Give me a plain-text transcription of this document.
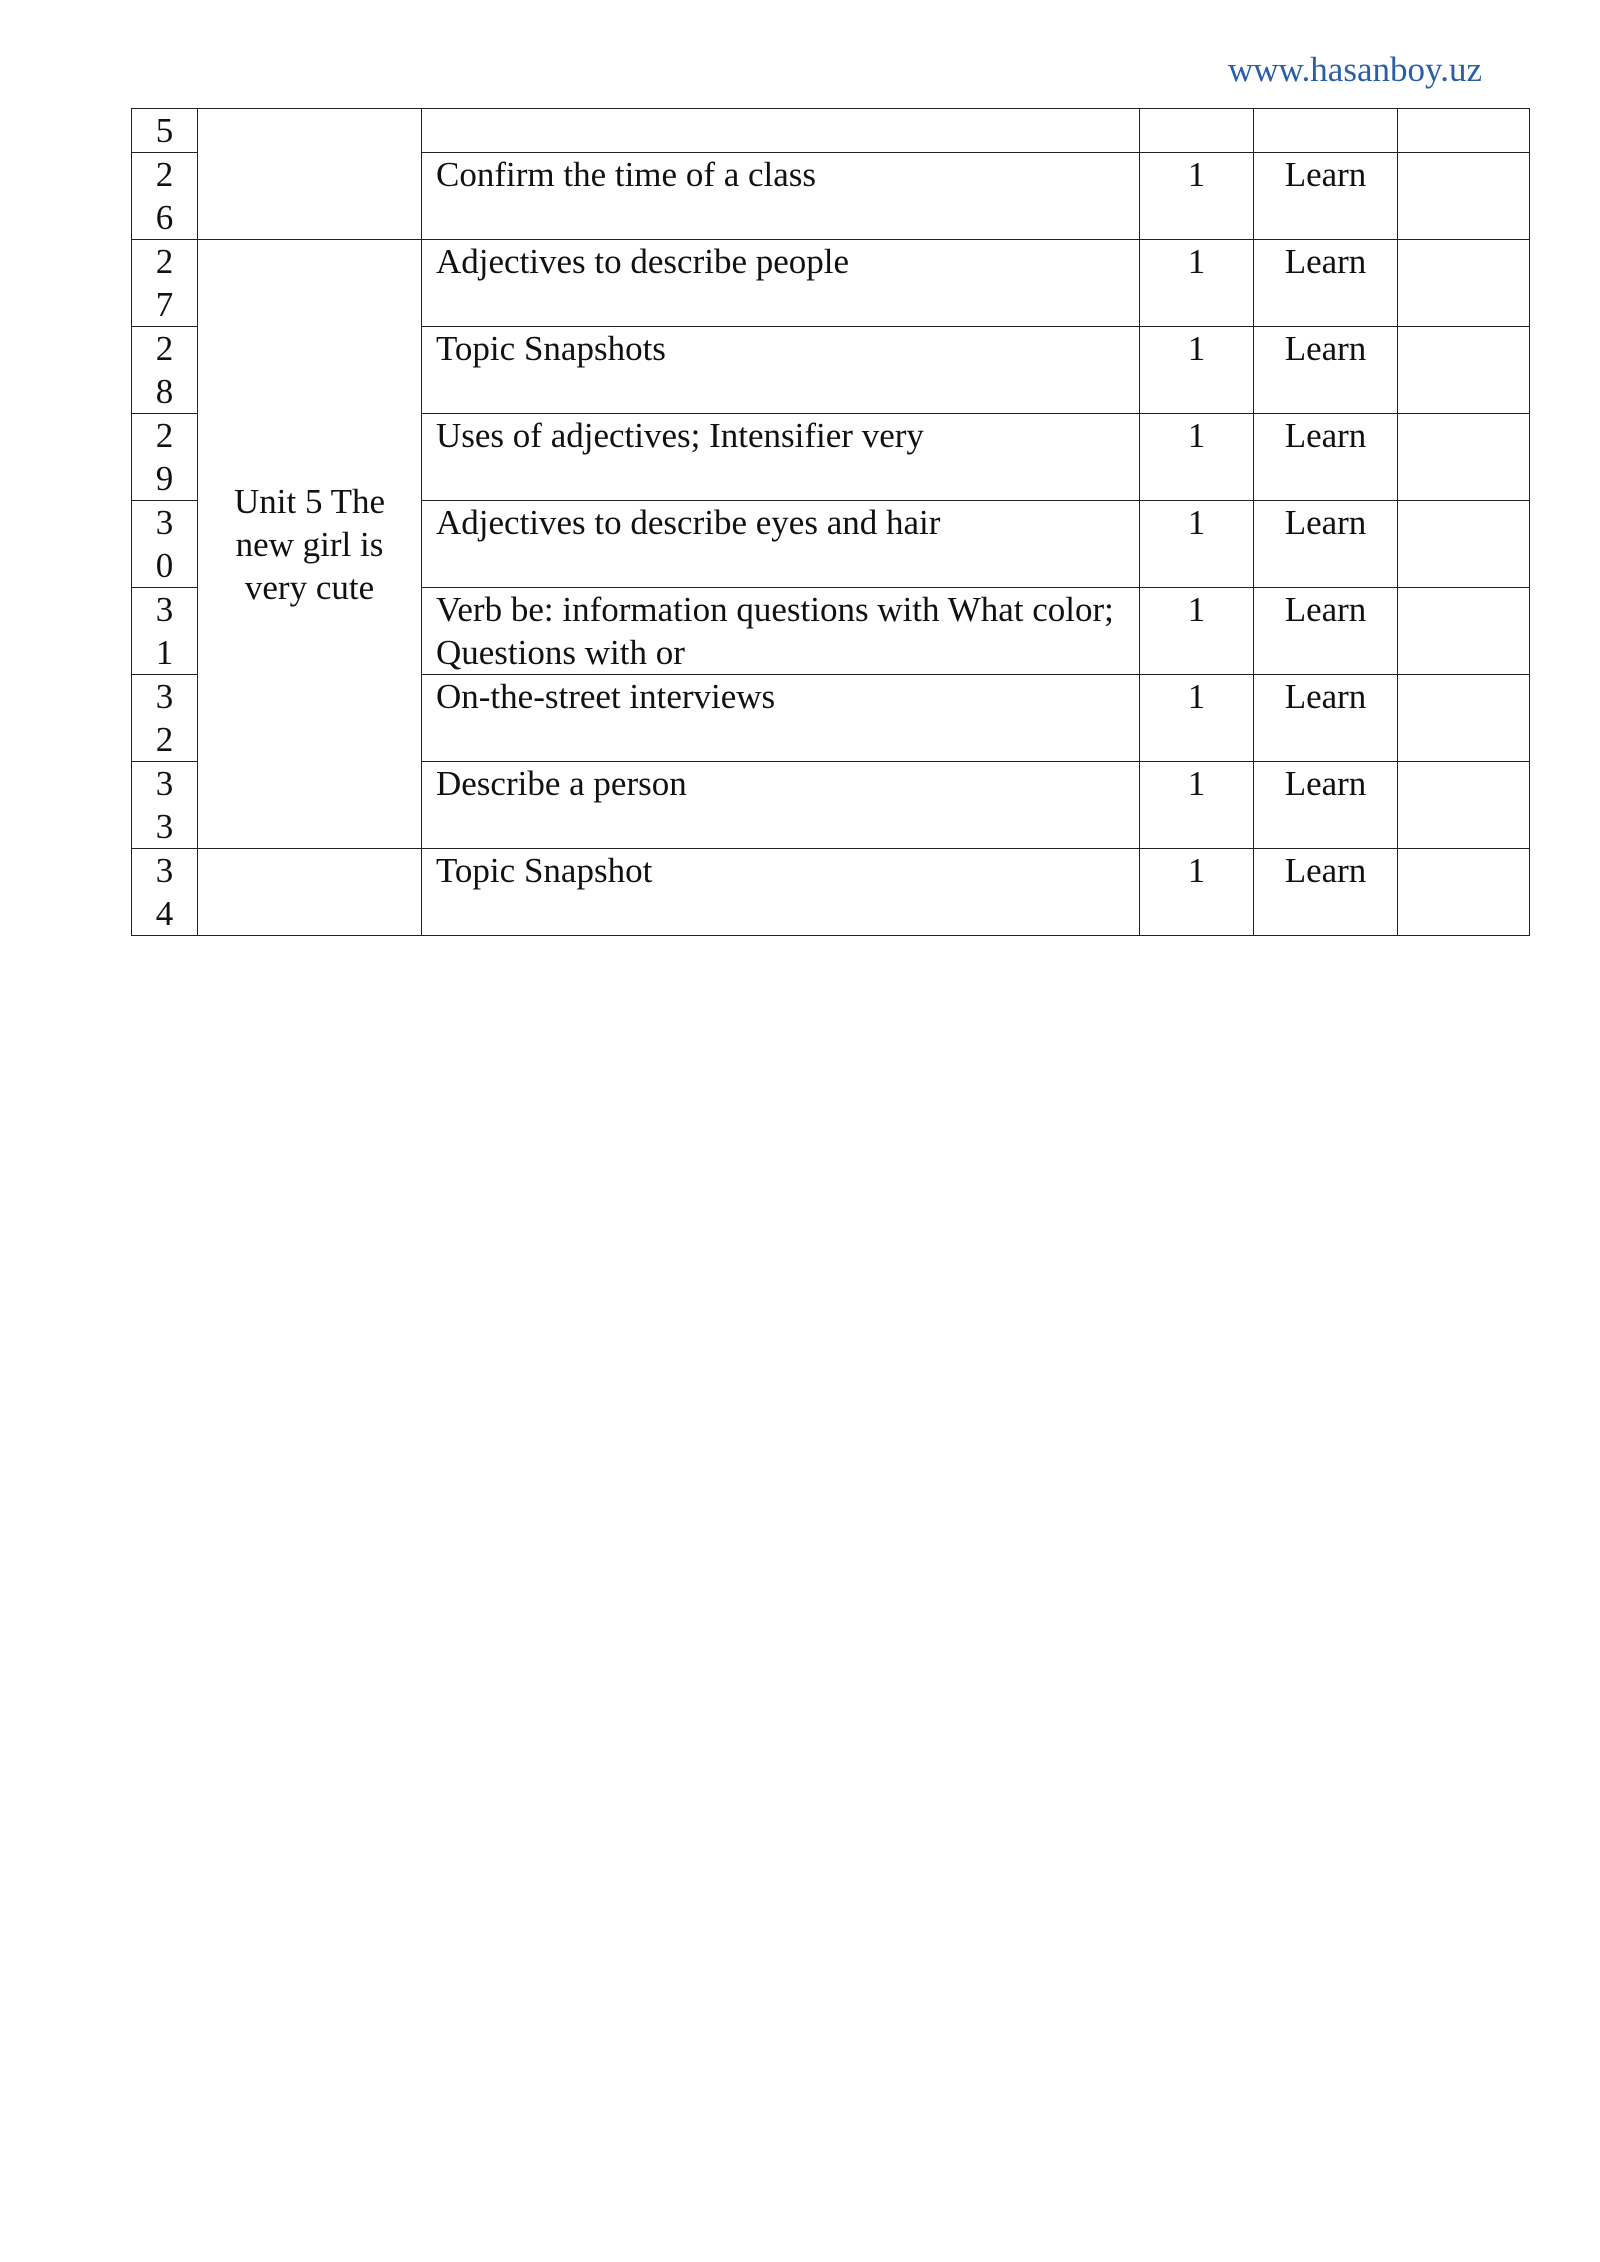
www.hasanboy.uz
5					

26		Confirm the time of a class	1	Learn	

27	Unit 5 The new girl is very cute	Adjectives to describe people	1	Learn	

28		Topic Snapshots	1	Learn	

29		Uses of adjectives; Intensifier very	1	Learn	

30		Adjectives to describe eyes and hair	1	Learn	

31		Verb be: information questions with What color; Questions with or	1	Learn	

32		On-the-street interviews	1	Learn	

33		Describe a person	1	Learn	

34		Topic Snapshot	1	Learn	
